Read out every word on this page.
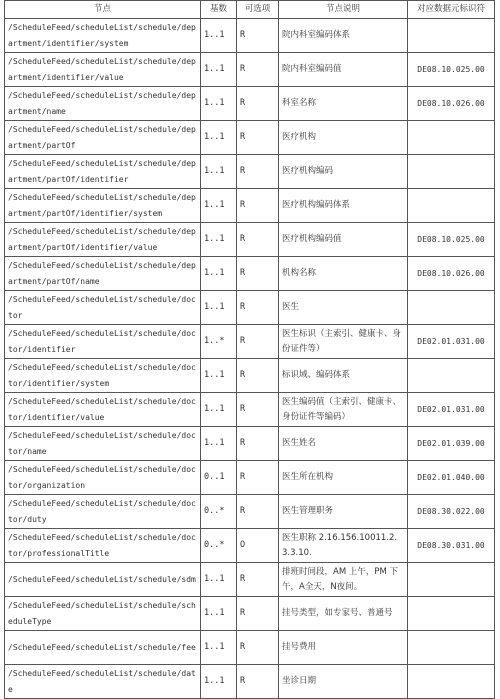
节点	基数	可选项	节点说明	对应数据元标识符
/ScheduleFeed/scheduleList/schedule/department/identifier/system	1..1	R	院内科室编码体系	
/ScheduleFeed/scheduleList/schedule/department/identifier/value	1..1	R	院内科室编码值	DE08.10.025.00
/ScheduleFeed/scheduleList/schedule/department/name	1..1	R	科室名称	DE08.10.026.00
/ScheduleFeed/scheduleList/schedule/department/partOf	1..1	R	医疗机构	
/ScheduleFeed/scheduleList/schedule/department/partOf/identifier	1..1	R	医疗机构编码	
/ScheduleFeed/scheduleList/schedule/department/partOf/identifier/system	1..1	R	医疗机构编码体系	
/ScheduleFeed/scheduleList/schedule/department/partOf/identifier/value	1..1	R	医疗机构编码值	DE08.10.025.00
/ScheduleFeed/scheduleList/schedule/department/partOf/name	1..1	R	机构名称	DE08.10.026.00
/ScheduleFeed/scheduleList/schedule/doctor	1..1	R	医生	
/ScheduleFeed/scheduleList/schedule/doctor/identifier	1..*	R	医生标识（主索引、健康卡、身份证件等）	DE02.01.031.00
/ScheduleFeed/scheduleList/schedule/doctor/identifier/system	1..1	R	标识域、编码体系	
/ScheduleFeed/scheduleList/schedule/doctor/identifier/value	1..1	R	医生编码值（主索引、健康卡、身份证件等编码）	DE02.01.031.00
/ScheduleFeed/scheduleList/schedule/doctor/name	1..1	R	医生姓名	DE02.01.039.00
/ScheduleFeed/scheduleList/schedule/doctor/organization	0..1	R	医生所在机构	DE02.01.040.00
/ScheduleFeed/scheduleList/schedule/doctor/duty	0..*	R	医生管理职务	DE08.30.022.00
/ScheduleFeed/scheduleList/schedule/doctor/professionalTitle	0..*	O	医生职称 2.16.156.10011.2.3.3.10.	DE08.30.031.00
/ScheduleFeed/scheduleList/schedule/sdm	1..1	R	排班时间段，AM 上午，PM 下午，A全天，N夜间。	
/ScheduleFeed/scheduleList/schedule/scheduleType	1..1	R	挂号类型，如专家号、普通号	
/ScheduleFeed/scheduleList/schedule/fee	1..1	R	挂号费用	
/ScheduleFeed/scheduleList/schedule/date	1..1	R	坐诊日期	
